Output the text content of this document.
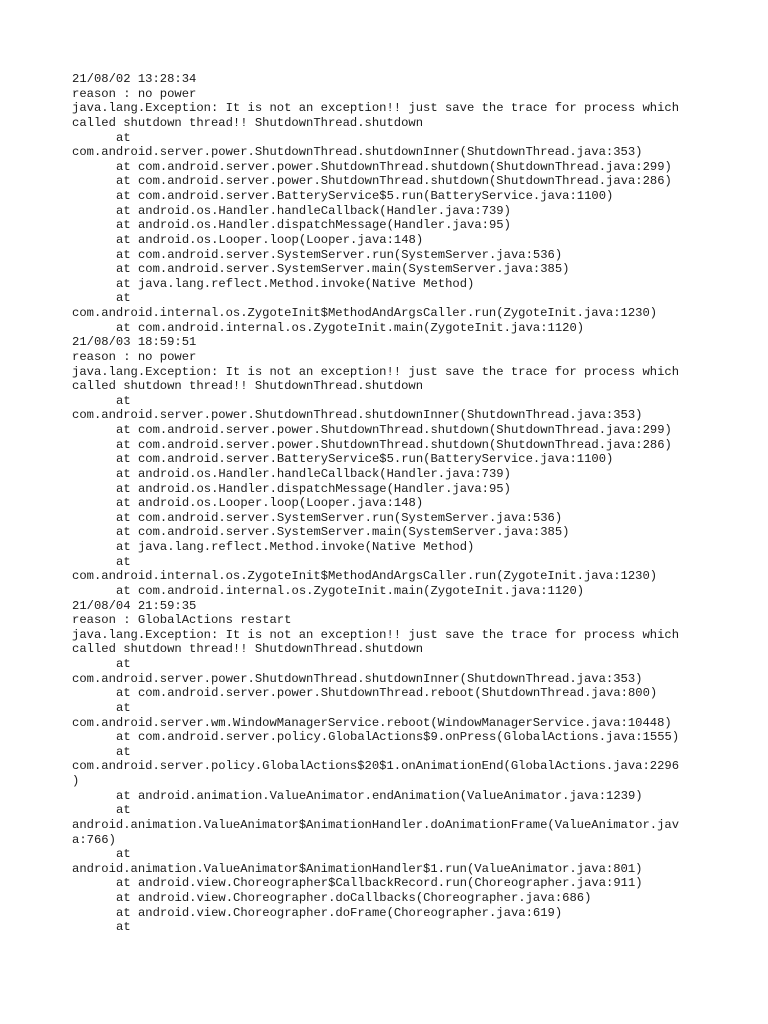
21/08/02 13:28:34
reason : no power
java.lang.Exception: It is not an exception!! just save the trace for process which
called shutdown thread!! ShutdownThread.shutdown
at
com.android.server.power.ShutdownThread.shutdownInner(ShutdownThread.java:353)
at com.android.server.power.ShutdownThread.shutdown(ShutdownThread.java:299)
at com.android.server.power.ShutdownThread.shutdown(ShutdownThread.java:286)
at com.android.server.BatteryService$5.run(BatteryService.java:1100)
at android.os.Handler.handleCallback(Handler.java:739)
at android.os.Handler.dispatchMessage(Handler.java:95)
at android.os.Looper.loop(Looper.java:148)
at com.android.server.SystemServer.run(SystemServer.java:536)
at com.android.server.SystemServer.main(SystemServer.java:385)
at java.lang.reflect.Method.invoke(Native Method)
at
com.android.internal.os.ZygoteInit$MethodAndArgsCaller.run(ZygoteInit.java:1230)
at com.android.internal.os.ZygoteInit.main(ZygoteInit.java:1120)
21/08/03 18:59:51
reason : no power
java.lang.Exception: It is not an exception!! just save the trace for process which
called shutdown thread!! ShutdownThread.shutdown
at
com.android.server.power.ShutdownThread.shutdownInner(ShutdownThread.java:353)
at com.android.server.power.ShutdownThread.shutdown(ShutdownThread.java:299)
at com.android.server.power.ShutdownThread.shutdown(ShutdownThread.java:286)
at com.android.server.BatteryService$5.run(BatteryService.java:1100)
at android.os.Handler.handleCallback(Handler.java:739)
at android.os.Handler.dispatchMessage(Handler.java:95)
at android.os.Looper.loop(Looper.java:148)
at com.android.server.SystemServer.run(SystemServer.java:536)
at com.android.server.SystemServer.main(SystemServer.java:385)
at java.lang.reflect.Method.invoke(Native Method)
at
com.android.internal.os.ZygoteInit$MethodAndArgsCaller.run(ZygoteInit.java:1230)
at com.android.internal.os.ZygoteInit.main(ZygoteInit.java:1120)
21/08/04 21:59:35
reason : GlobalActions restart
java.lang.Exception: It is not an exception!! just save the trace for process which
called shutdown thread!! ShutdownThread.shutdown
at
com.android.server.power.ShutdownThread.shutdownInner(ShutdownThread.java:353)
at com.android.server.power.ShutdownThread.reboot(ShutdownThread.java:800)
at
com.android.server.wm.WindowManagerService.reboot(WindowManagerService.java:10448)
at com.android.server.policy.GlobalActions$9.onPress(GlobalActions.java:1555)
at
com.android.server.policy.GlobalActions$20$1.onAnimationEnd(GlobalActions.java:2296
)
at android.animation.ValueAnimator.endAnimation(ValueAnimator.java:1239)
at
android.animation.ValueAnimator$AnimationHandler.doAnimationFrame(ValueAnimator.jav
a:766)
at
android.animation.ValueAnimator$AnimationHandler$1.run(ValueAnimator.java:801)
at android.view.Choreographer$CallbackRecord.run(Choreographer.java:911)
at android.view.Choreographer.doCallbacks(Choreographer.java:686)
at android.view.Choreographer.doFrame(Choreographer.java:619)
at
